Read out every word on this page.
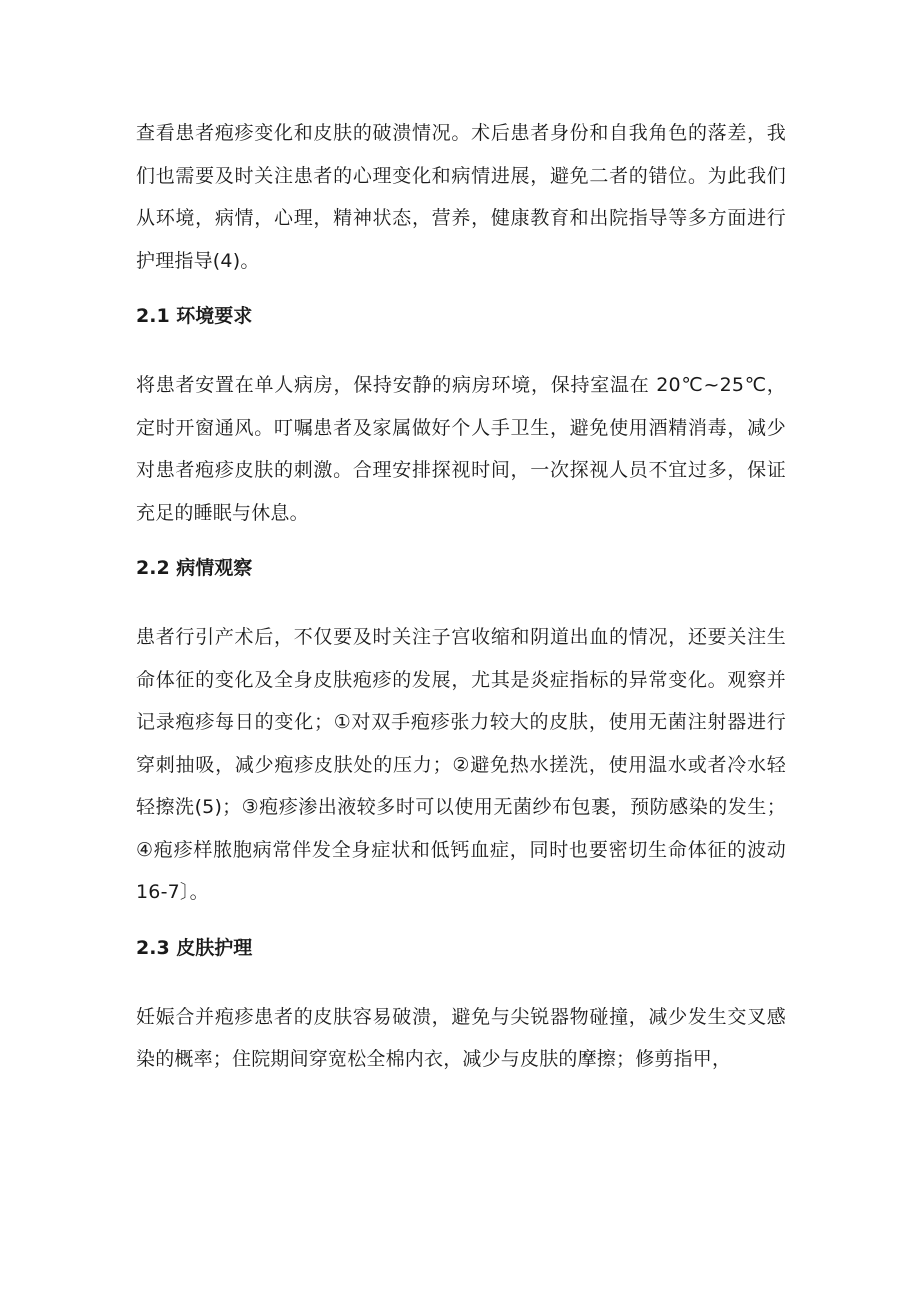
查看患者疱疹变化和皮肤的破溃情况。术后患者身份和自我角色的落差，我们也需要及时关注患者的心理变化和病情进展，避免二者的错位。为此我们从环境，病情，心理，精神状态，营养，健康教育和出院指导等多方面进行护理指导(4)。

2.1 环境要求

将患者安置在单人病房，保持安静的病房环境，保持室温在 20℃~25℃，定时开窗通风。叮嘱患者及家属做好个人手卫生，避免使用酒精消毒，减少对患者疱疹皮肤的刺激。合理安排探视时间，一次探视人员不宜过多，保证充足的睡眠与休息。

2.2 病情观察

患者行引产术后，不仅要及时关注子宫收缩和阴道出血的情况，还要关注生命体征的变化及全身皮肤疱疹的发展，尤其是炎症指标的异常变化。观察并记录疱疹每日的变化；①对双手疱疹张力较大的皮肤，使用无菌注射器进行穿刺抽吸，减少疱疹皮肤处的压力；②避免热水搓洗，使用温水或者冷水轻轻擦洗(5)；③疱疹渗出液较多时可以使用无菌纱布包裹，预防感染的发生；④疱疹样脓胞病常伴发全身症状和低钙血症，同时也要密切生命体征的波动 16-7〕。

2.3 皮肤护理

妊娠合并疱疹患者的皮肤容易破溃，避免与尖锐器物碰撞，减少发生交叉感染的概率；住院期间穿宽松全棉内衣，减少与皮肤的摩擦；修剪指甲，
